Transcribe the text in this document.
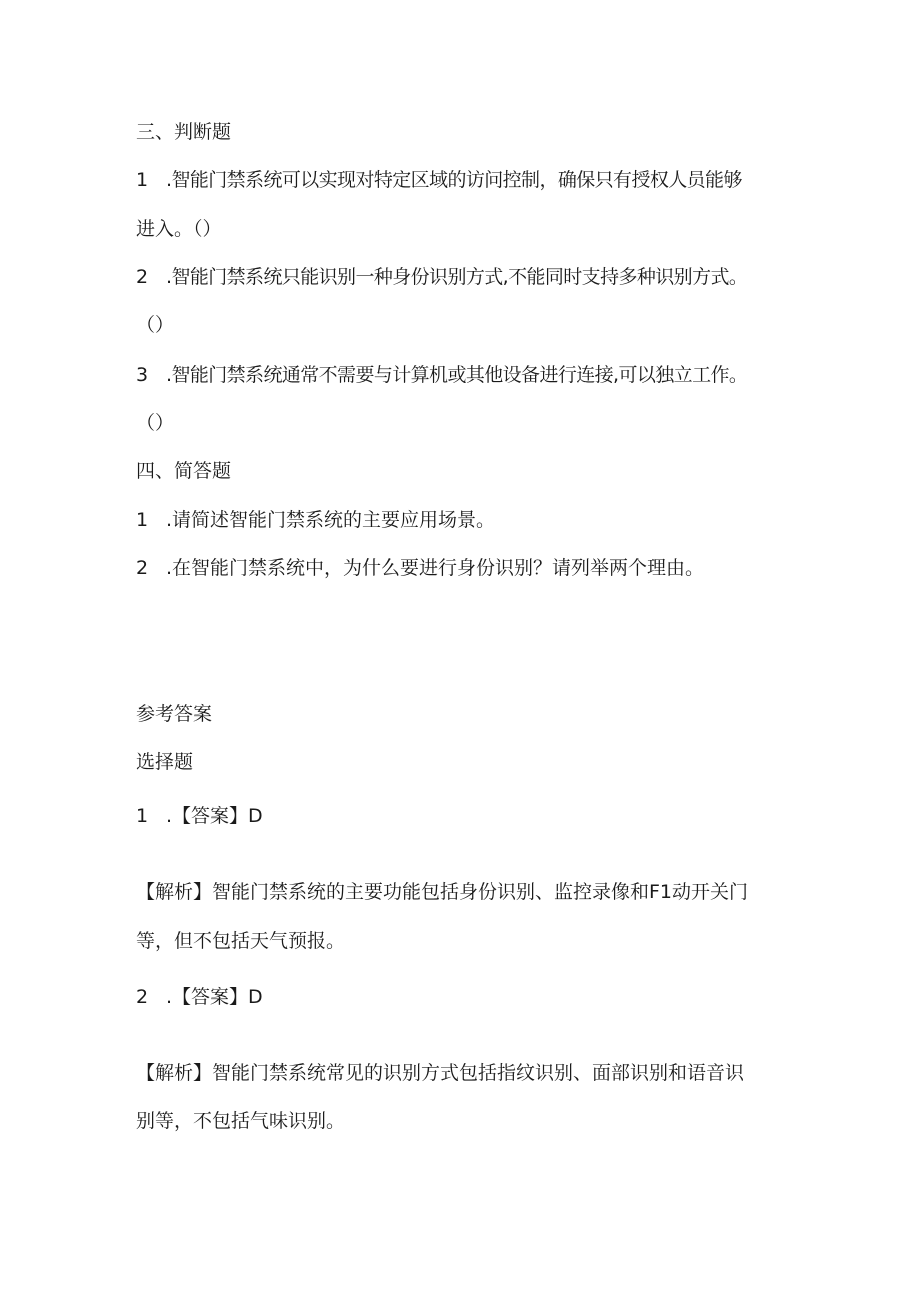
三、判断题
1 .智能门禁系统可以实现对特定区域的访问控制，确保只有授权人员能够
进入。（）
2 .智能门禁系统只能识别一种身份识别方式,不能同时支持多种识别方式。
（）
3 .智能门禁系统通常不需要与计算机或其他设备进行连接,可以独立工作。
（）
四、简答题
1 .请简述智能门禁系统的主要应用场景。
2 .在智能门禁系统中，为什么要进行身份识别？请列举两个理由。
参考答案
选择题
1 .【答案】D
【解析】智能门禁系统的主要功能包括身份识别、监控录像和F1动开关门
等，但不包括天气预报。
2 .【答案】D
【解析】智能门禁系统常见的识别方式包括指纹识别、面部识别和语音识
别等，不包括气味识别。
